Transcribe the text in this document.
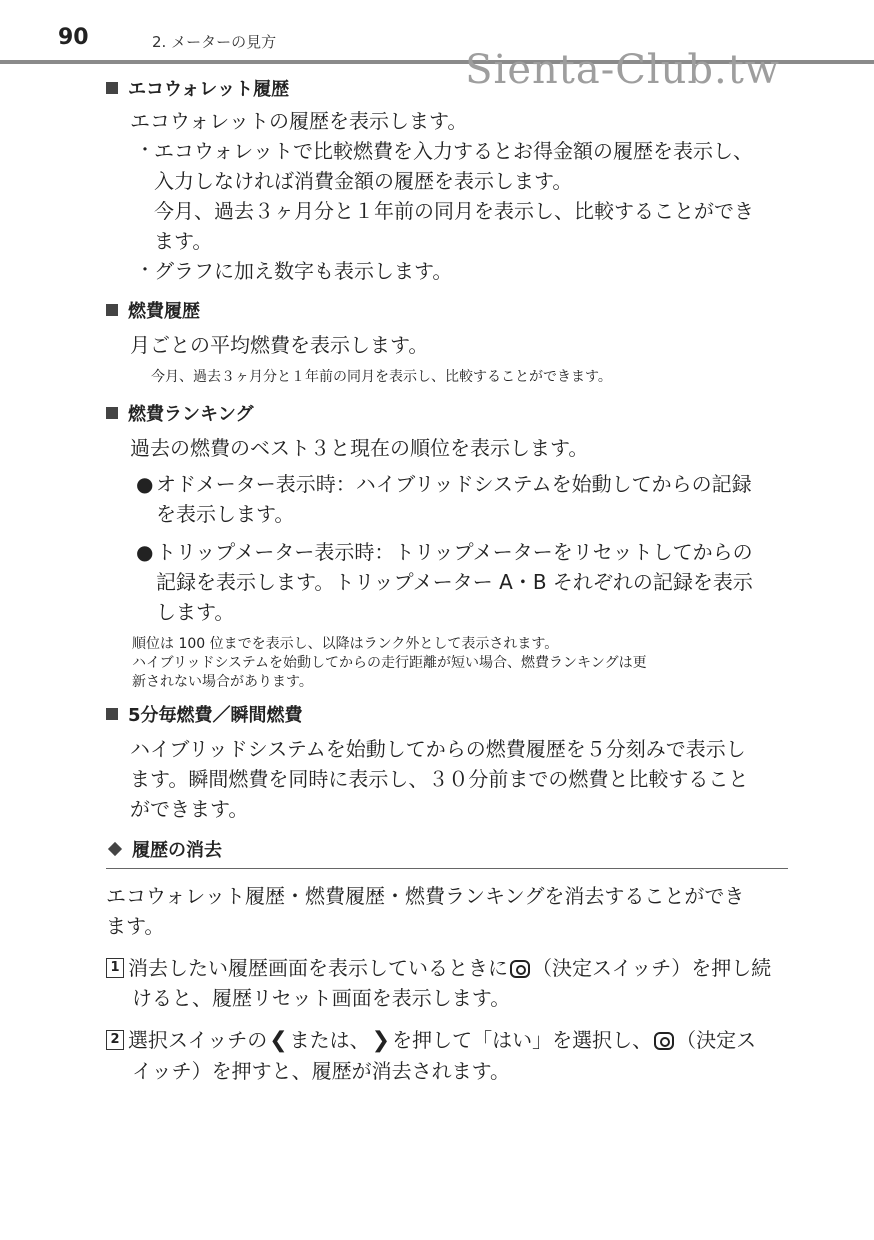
90	2. メーターの見方
Sienta-Club.tw
エコウォレット履歴
エコウォレットの履歴を表示します。
・ エコウォレットで比較燃費を入力するとお得金額の履歴を表示し、
入力しなければ消費金額の履歴を表示します。
今月、過去３ヶ月分と１年前の同月を表示し、比較することができ
ます。
・ グラフに加え数字も表示します。
燃費履歴
月ごとの平均燃費を表示します。
今月、過去３ヶ月分と１年前の同月を表示し、比較することができます。
燃費ランキング
過去の燃費のベスト３と現在の順位を表示します。
● オドメーター表示時：ハイブリッドシステムを始動してからの記録
を表示します。
● トリップメーター表示時：トリップメーターをリセットしてからの
記録を表示します。トリップメーター A・B それぞれの記録を表示
します。
順位は 100 位までを表示し、以降はランク外として表示されます。
ハイブリッドシステムを始動してからの走行距離が短い場合、燃費ランキングは更
新されない場合があります。
5分毎燃費／瞬間燃費
ハイブリッドシステムを始動してからの燃費履歴を５分刻みで表示し
ます。瞬間燃費を同時に表示し、３０分前までの燃費と比較すること
ができます。
履歴の消去
エコウォレット履歴・燃費履歴・燃費ランキングを消去することができ
ます。
1 消去したい履歴画面を表示しているときに （決定スイッチ）を押し続
けると、履歴リセット画面を表示します。
2 選択スイッチの❮ または、❯ を押して「はい」を選択し、 （決定ス
イッチ）を押すと、履歴が消去されます。
